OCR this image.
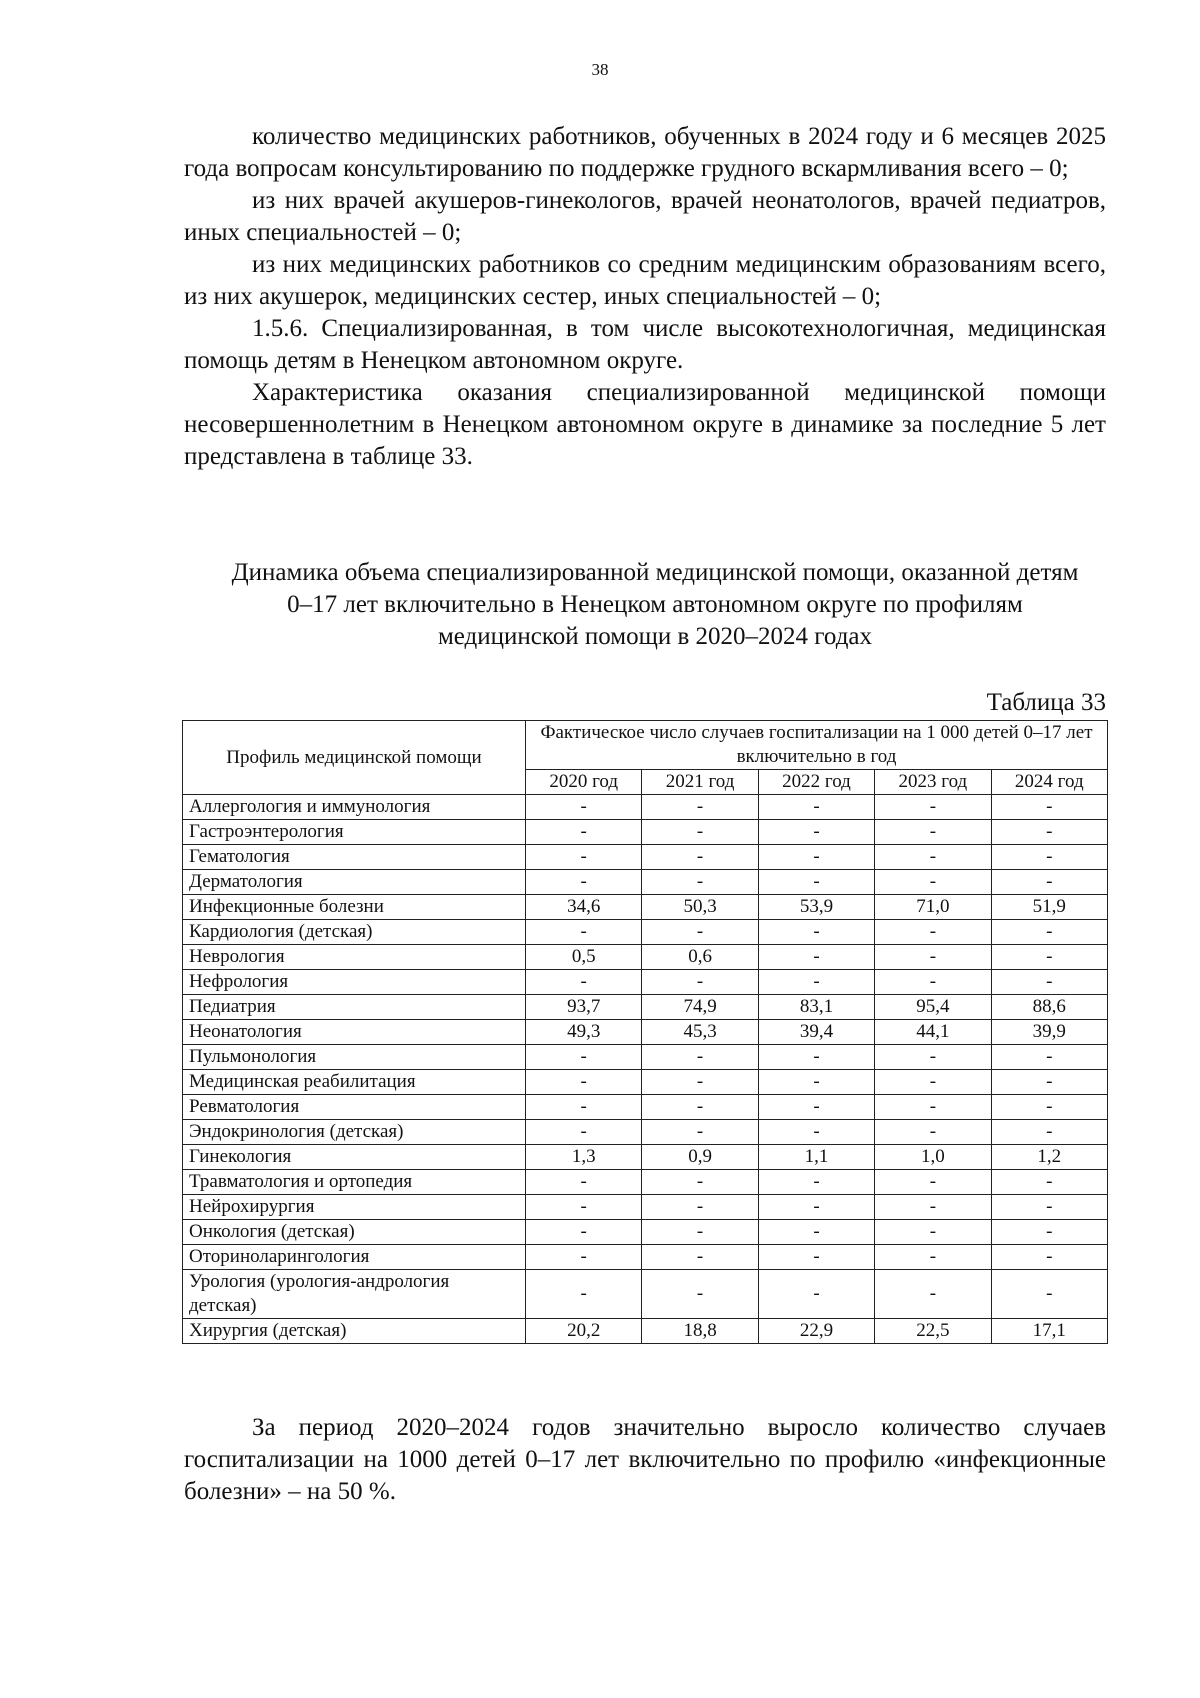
38

количество медицинских работников, обученных в 2024 году и 6 месяцев 2025 года вопросам консультированию по поддержке грудного вскармливания всего – 0;

из них врачей акушеров-гинекологов, врачей неонатологов, врачей педиатров, иных специальностей – 0;

из них медицинских работников со средним медицинским образованиям всего, из них акушерок, медицинских сестер, иных специальностей – 0;

1.5.6. Специализированная, в том числе высокотехнологичная, медицинская помощь детям в Ненецком автономном округе.

Характеристика оказания специализированной медицинской помощи несовершеннолетним в Ненецком автономном округе в динамике за последние 5 лет представлена в таблице 33.

Динамика объема специализированной медицинской помощи, оказанной детям 0–17 лет включительно в Ненецком автономном округе по профилям медицинской помощи в 2020–2024 годах
Таблица 33
Профиль медицинской помощи	Фактическое число случаев госпитализации на 1 000 детей 0–17 лет включительно в год				
	2020 год	2021 год	2022 год	2023 год	2024 год
Аллергология и иммунология	-	-	-	-	-
Гастроэнтерология	-	-	-	-	-
Гематология	-	-	-	-	-
Дерматология	-	-	-	-	-
Инфекционные болезни	34,6	50,3	53,9	71,0	51,9
Кардиология (детская)	-	-	-	-	-
Неврология	0,5	0,6	-	-	-
Нефрология	-	-	-	-	-
Педиатрия	93,7	74,9	83,1	95,4	88,6
Неонатология	49,3	45,3	39,4	44,1	39,9
Пульмонология	-	-	-	-	-
Медицинская реабилитация	-	-	-	-	-
Ревматология	-	-	-	-	-
Эндокринология (детская)	-	-	-	-	-
Гинекология	1,3	0,9	1,1	1,0	1,2
Травматология и ортопедия	-	-	-	-	-
Нейрохирургия	-	-	-	-	-
Онкология (детская)	-	-	-	-	-
Оториноларингология	-	-	-	-	-
Урология (урология-андрология детская)	-	-	-	-	-
Хирургия (детская)	20,2	18,8	22,9	22,5	17,1

За период 2020–2024 годов значительно выросло количество случаев госпитализации на 1000 детей 0–17 лет включительно по профилю «инфекционные болезни» – на 50 %.
